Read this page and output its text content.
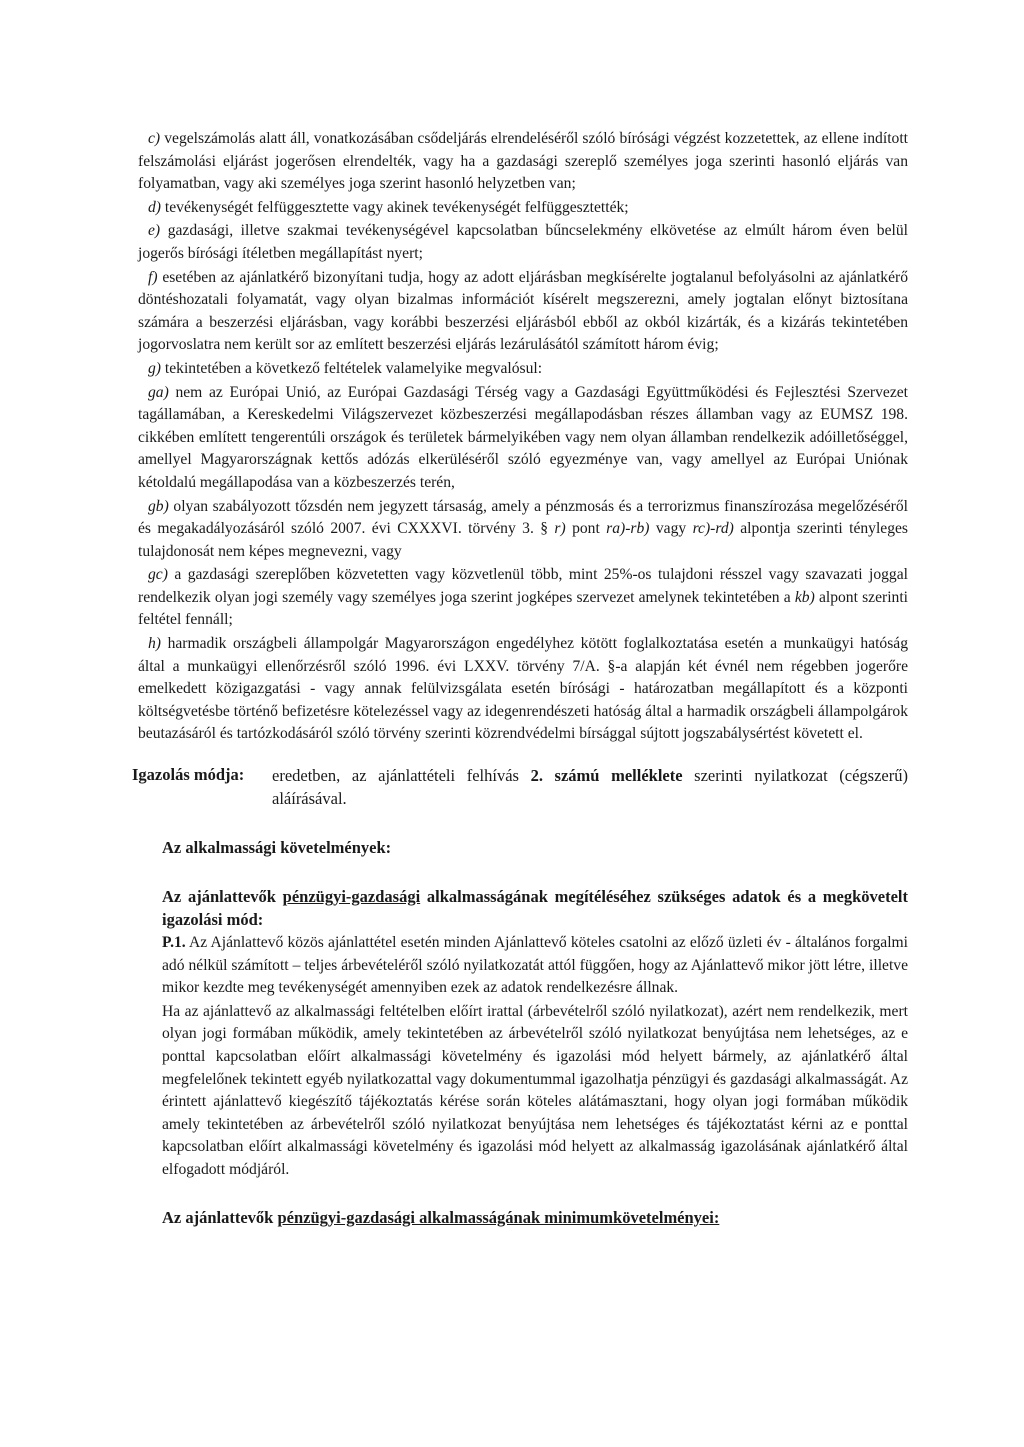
c) vegelszámolás alatt áll, vonatkozásában csődeljárás elrendeléséről szóló bírósági végzést kozzetettek, az ellene indított felszámolási eljárást jogerősen elrendelték, vagy ha a gazdasági szereplő személyes joga szerinti hasonló eljárás van folyamatban, vagy aki személyes joga szerint hasonló helyzetben van;

d) tevékenységét felfüggesztette vagy akinek tevékenységét felfüggesztették;

e) gazdasági, illetve szakmai tevékenységével kapcsolatban bűncselekmény elkövetése az elmúlt három éven belül jogerős bírósági ítéletben megállapítást nyert;

f) esetében az ajánlatkérő bizonyítani tudja, hogy az adott eljárásban megkísérelte jogtalanul befolyásolni az ajánlatkérő döntéshozatali folyamatát, vagy olyan bizalmas információt kísérelt megszerezni, amely jogtalan előnyt biztosítana számára a beszerzési eljárásban, vagy korábbi beszerzési eljárásból ebből az okból kizárták, és a kizárás tekintetében jogorvoslatra nem került sor az említett beszerzési eljárás lezárulásától számított három évig;

g) tekintetében a következő feltételek valamelyike megvalósul:

ga) nem az Európai Unió, az Európai Gazdasági Térség vagy a Gazdasági Együttműködési és Fejlesztési Szervezet tagállamában, a Kereskedelmi Világszervezet közbeszerzési megállapodásban részes államban vagy az EUMSZ 198. cikkében említett tengerentúli országok és területek bármelyikében vagy nem olyan államban rendelkezik adóilletőséggel, amellyel Magyarországnak kettős adózás elkerüléséről szóló egyezménye van, vagy amellyel az Európai Uniónak kétoldalú megállapodása van a közbeszerzés terén,

gb) olyan szabályozott tőzsdén nem jegyzett társaság, amely a pénzmosás és a terrorizmus finanszírozása megelőzéséről és megakadályozásáról szóló 2007. évi CXXXVI. törvény 3. § r) pont ra)-rb) vagy rc)-rd) alpontja szerinti tényleges tulajdonosát nem képes megnevezni, vagy

gc) a gazdasági szereplőben közvetetten vagy közvetlenül több, mint 25%-os tulajdoni résszel vagy szavazati joggal rendelkezik olyan jogi személy vagy személyes joga szerint jogképes szervezet amelynek tekintetében a kb) alpont szerinti feltétel fennáll;

h) harmadik országbeli állampolgár Magyarországon engedélyhez kötött foglalkoztatása esetén a munkaügyi hatóság által a munkaügyi ellenőrzésről szóló 1996. évi LXXV. törvény 7/A. §-a alapján két évnél nem régebben jogerőre emelkedett közigazgatási - vagy annak felülvizsgálata esetén bírósági - határozatban megállapított és a központi költségvetésbe történő befizetésre kötelezéssel vagy az idegenrendészeti hatóság által a harmadik országbeli állampolgárok beutazásáról és tartózkodásáról szóló törvény szerinti közrendvédelmi bírsággal sújtott jogszabálysértést követett el.

Igazolás módja:	eredetben, az ajánlattételi felhívás 2. számú melléklete szerinti nyilatkozat (cégszerű) aláírásával.

Az alkalmassági követelmények:

Az ajánlattevők pénzügyi-gazdasági alkalmasságának megítéléséhez szükséges adatok és a megkövetelt igazolási mód:

P.1. Az Ajánlattevő közös ajánlattétel esetén minden Ajánlattevő köteles csatolni az előző üzleti év - általános forgalmi adó nélkül számított – teljes árbevételéről szóló nyilatkozatát attól függően, hogy az Ajánlattevő mikor jött létre, illetve mikor kezdte meg tevékenységét amennyiben ezek az adatok rendelkezésre állnak.

Ha az ajánlattevő az alkalmassági feltételben előírt irattal (árbevételről szóló nyilatkozat), azért nem rendelkezik, mert olyan jogi formában működik, amely tekintetében az árbevételről szóló nyilatkozat benyújtása nem lehetséges, az e ponttal kapcsolatban előírt alkalmassági követelmény és igazolási mód helyett bármely, az ajánlatkérő által megfelelőnek tekintett egyéb nyilatkozattal vagy dokumentummal igazolhatja pénzügyi és gazdasági alkalmasságát. Az érintett ajánlattevő kiegészítő tájékoztatás kérése során köteles alátámasztani, hogy olyan jogi formában működik amely tekintetében az árbevételről szóló nyilatkozat benyújtása nem lehetséges és tájékoztatást kérni az e ponttal kapcsolatban előírt alkalmassági követelmény és igazolási mód helyett az alkalmasság igazolásának ajánlatkérő által elfogadott módjáról.

Az ajánlattevők pénzügyi-gazdasági alkalmasságának minimumkövetelményei:
